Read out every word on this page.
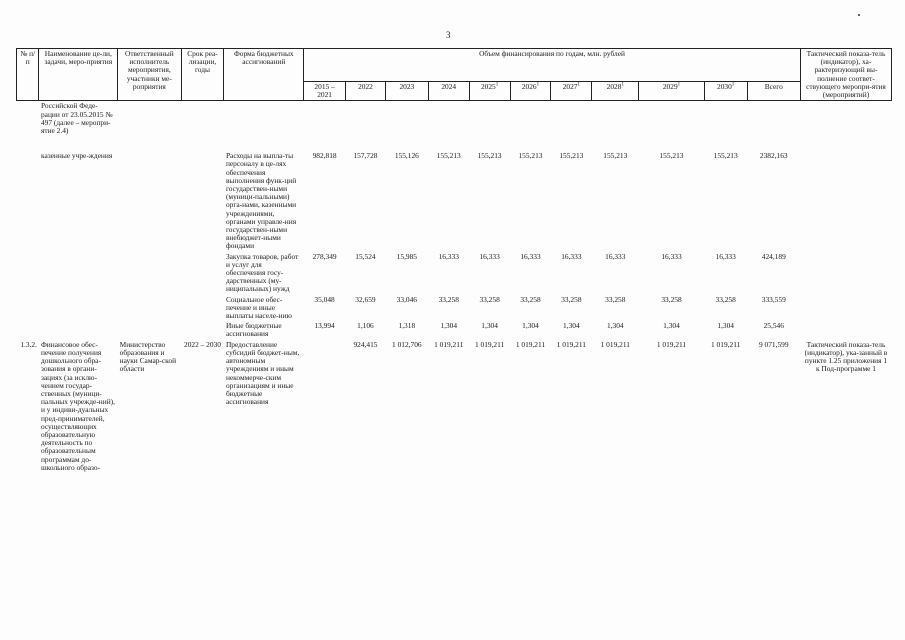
3
№ п/п	Наименование це-ли, задачи, меро-приятия	Ответственный исполнитель мероприятия, участники ме-роприятия	Срок реа-лизации, годы	Форма бюджетных ассигнований	Объем финансирования по годам, млн. рублей											Тактический показа-тель (индикатор), ха-рактеризующий вы-полнение соответ-ствующего меропри-ятия (мероприятий)
					2015 – 2021	2022	2023	2024	2025$^1$	2026$^1$	2027$^1$	2028$^1$	2029$^1$	2030$^1$	Всего	
	Российской Феде-рации от 23.05.2015 № 497 (далее – меропри-ятие 2.4)															
	казенные учре-ждения			Расходы на выпла-ты персоналу в це-лях обеспечения выполнения функ-ций государствен-ными (муници-пальными) орга-нами, казенными учреждениями, органами управле-ния государствен-ными внебюджет-ными фондами	982,818	157,728	155,126	155,213	155,213	155,213	155,213	155,213	155,213	155,213	2382,163	
				Закупка товаров, работ и услуг для обеспечения госу-дарственных (му-ниципальных) нужд	278,349	15,524	15,985	16,333	16,333	16,333	16,333	16,333	16,333	16,333	424,189	
				Социальное обес-печение и иные выплаты населе-нию	35,048	32,659	33,046	33,258	33,258	33,258	33,258	33,258	33,258	33,258	333,559	
				Иные бюджетные ассигнования	13,994	1,106	1,318	1,304	1,304	1,304	1,304	1,304	1,304	1,304	25,546	
1.3.2.	Финансовое обес-печение получения дошкольного обра-зования в органи-зациях (за исклю-чением государ-ственных (муници-пальных учрежде-ний), и у индиви-дуальных пред-принимателей, осуществляющих образовательную деятельность по образовательным программам до-школьного образо-	Министерство образования и науки Самар-ской области	2022 – 2030	Предоставление субсидий бюджет-ным, автономным учреждениям и иным некоммерче-ским организациям и иные бюджетные ассигнования		924,415	1 012,706	1 019,211	1 019,211	1 019,211	1 019,211	1 019,211	1 019,211	1 019,211	9 071,599	Тактический показа-тель (индикатор), ука-занный в пункте 1.25 приложения 1 к Под-программе 1
